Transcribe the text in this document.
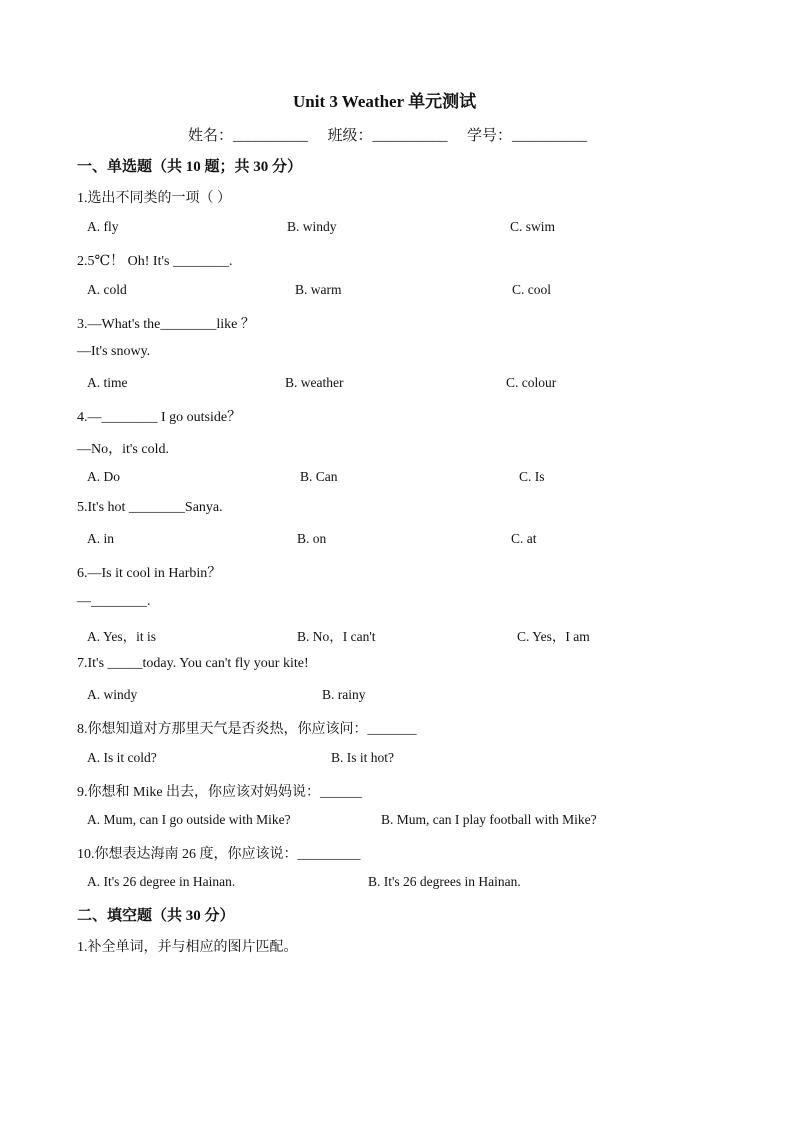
Unit 3 Weather 单元测试
姓名：__________ 班级：__________ 学号：__________
一、单选题（共 10 题；共 30 分）
1.选出不同类的一项（ ）
A. fly	B. windy	C. swim
2.5℃！ Oh! It's ________.
A. cold	B. warm	C. cool
3.—What's the________like ？
—It's snowy.
A. time	B. weather	C. colour
4.—________ I go outside？
—No，it's cold.
A. Do	B. Can	C. Is
5.It's hot ________Sanya.
A. in	B. on	C. at
6.—Is it cool in Harbin？
—________.
A. Yes，it is	B. No，I can't	C. Yes，I am
7.It's _____today. You can't fly your kite!
A. windy	B. rainy
8.你想知道对方那里天气是否炎热，你应该问：_______
A. Is it cold?	B. Is it hot?
9.你想和 Mike 出去，你应该对妈妈说：______
A. Mum, can I go outside with Mike?	B. Mum, can I play football with Mike?
10.你想表达海南 26 度，你应该说：_________
A. It's 26 degree in Hainan.	B. It's 26 degrees in Hainan.
二、填空题（共 30 分）
1.补全单词，并与相应的图片匹配。
